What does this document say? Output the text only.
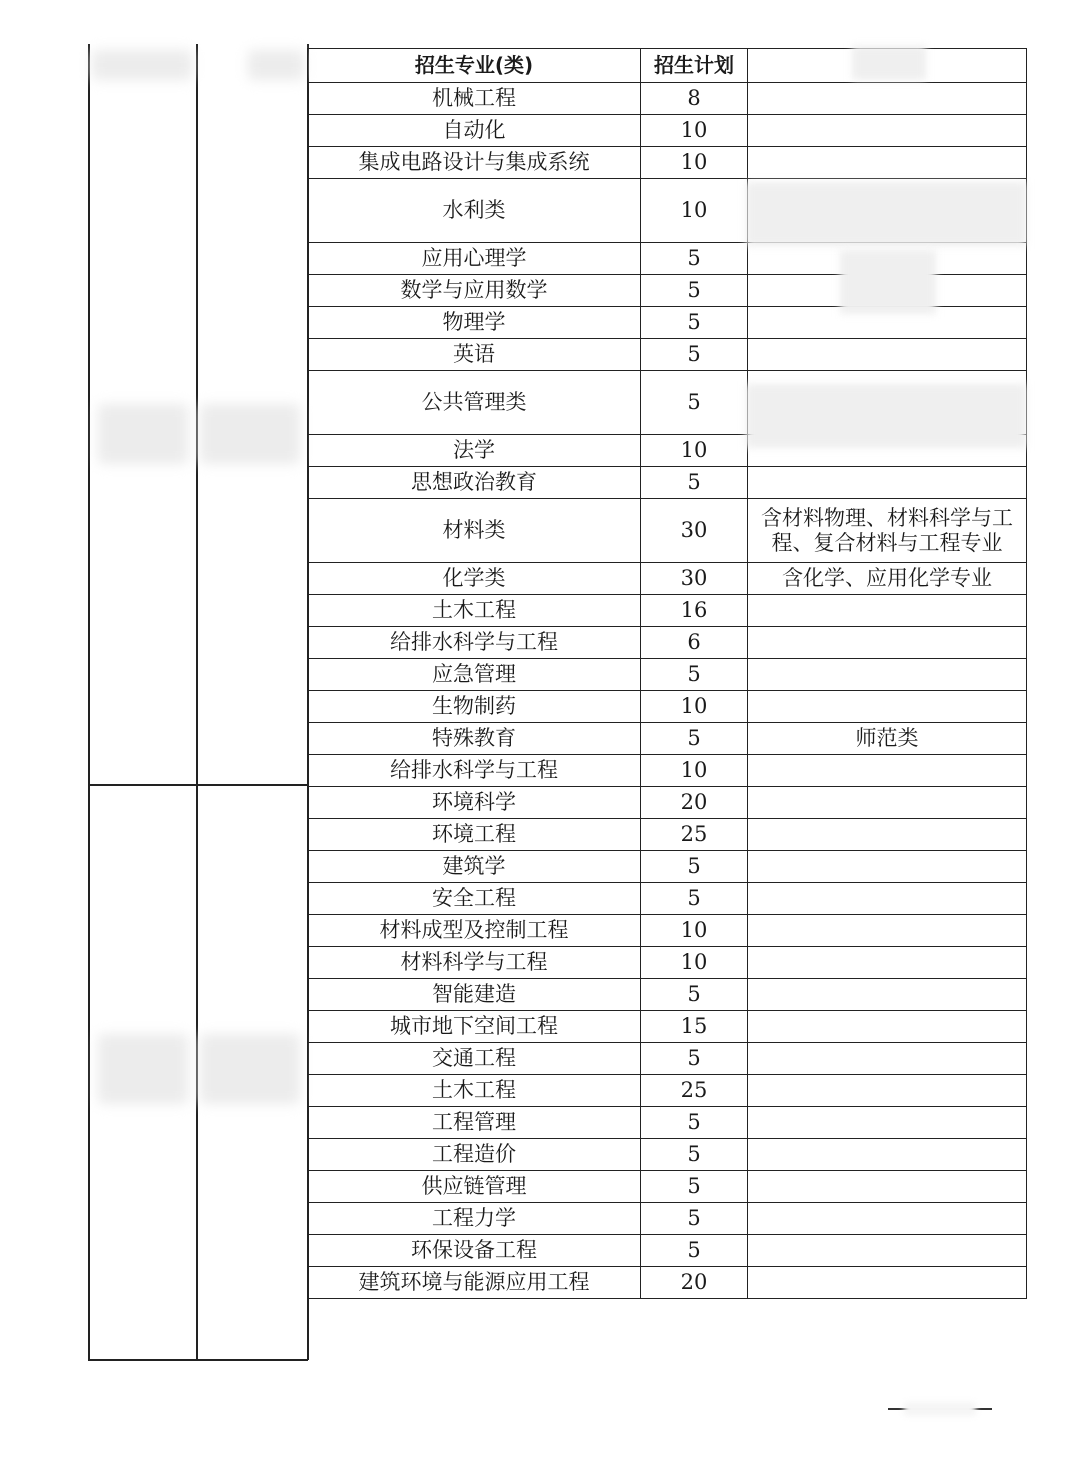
招生专业(类)	招生计划	
机械工程	8	
自动化	10	
集成电路设计与集成系统	10	
水利类	10	
应用心理学	5	
数学与应用数学	5	
物理学	5	
英语	5	
公共管理类	5	
法学	10	
思想政治教育	5	
材料类	30	含材料物理、材料科学与工程、复合材料与工程专业
化学类	30	含化学、应用化学专业
土木工程	16	
给排水科学与工程	6	
应急管理	5	
生物制药	10	
特殊教育	5	师范类
给排水科学与工程	10	
环境科学	20	
环境工程	25	
建筑学	5	
安全工程	5	
材料成型及控制工程	10	
材料科学与工程	10	
智能建造	5	
城市地下空间工程	15	
交通工程	5	
土木工程	25	
工程管理	5	
工程造价	5	
供应链管理	5	
工程力学	5	
环保设备工程	5	
建筑环境与能源应用工程	20	
